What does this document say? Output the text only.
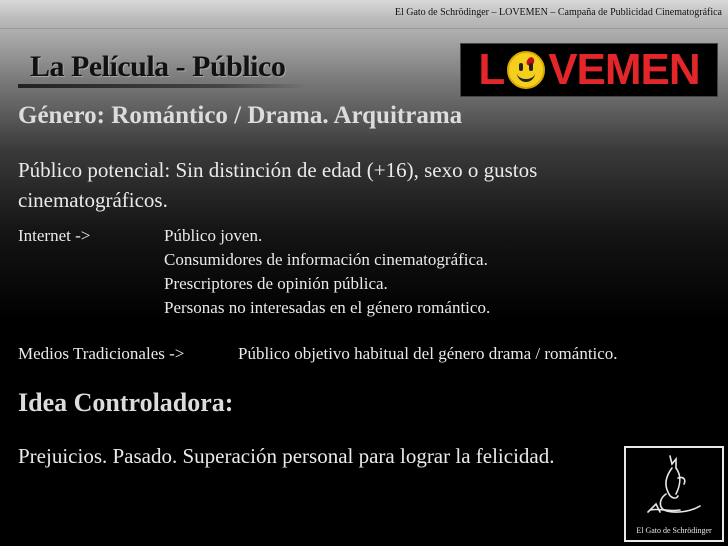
El Gato de Schrödinger – LOVEMEN – Campaña de Publicidad Cinematográfica
La Película - Público	L VEMEN
Género: Romántico / Drama. Arquitrama
Público potencial: Sin distinción de edad (+16), sexo o gustos
cinematográficos.
Internet ->	Público joven.
Consumidores de información cinematográfica.
Prescriptores de opinión pública.
Personas no interesadas en el género romántico.
Medios Tradicionales ->	Público objetivo habitual del género drama / romántico.
Idea Controladora:
Prejuicios. Pasado. Superación personal para lograr la felicidad.
El Gato de Schrödinger
